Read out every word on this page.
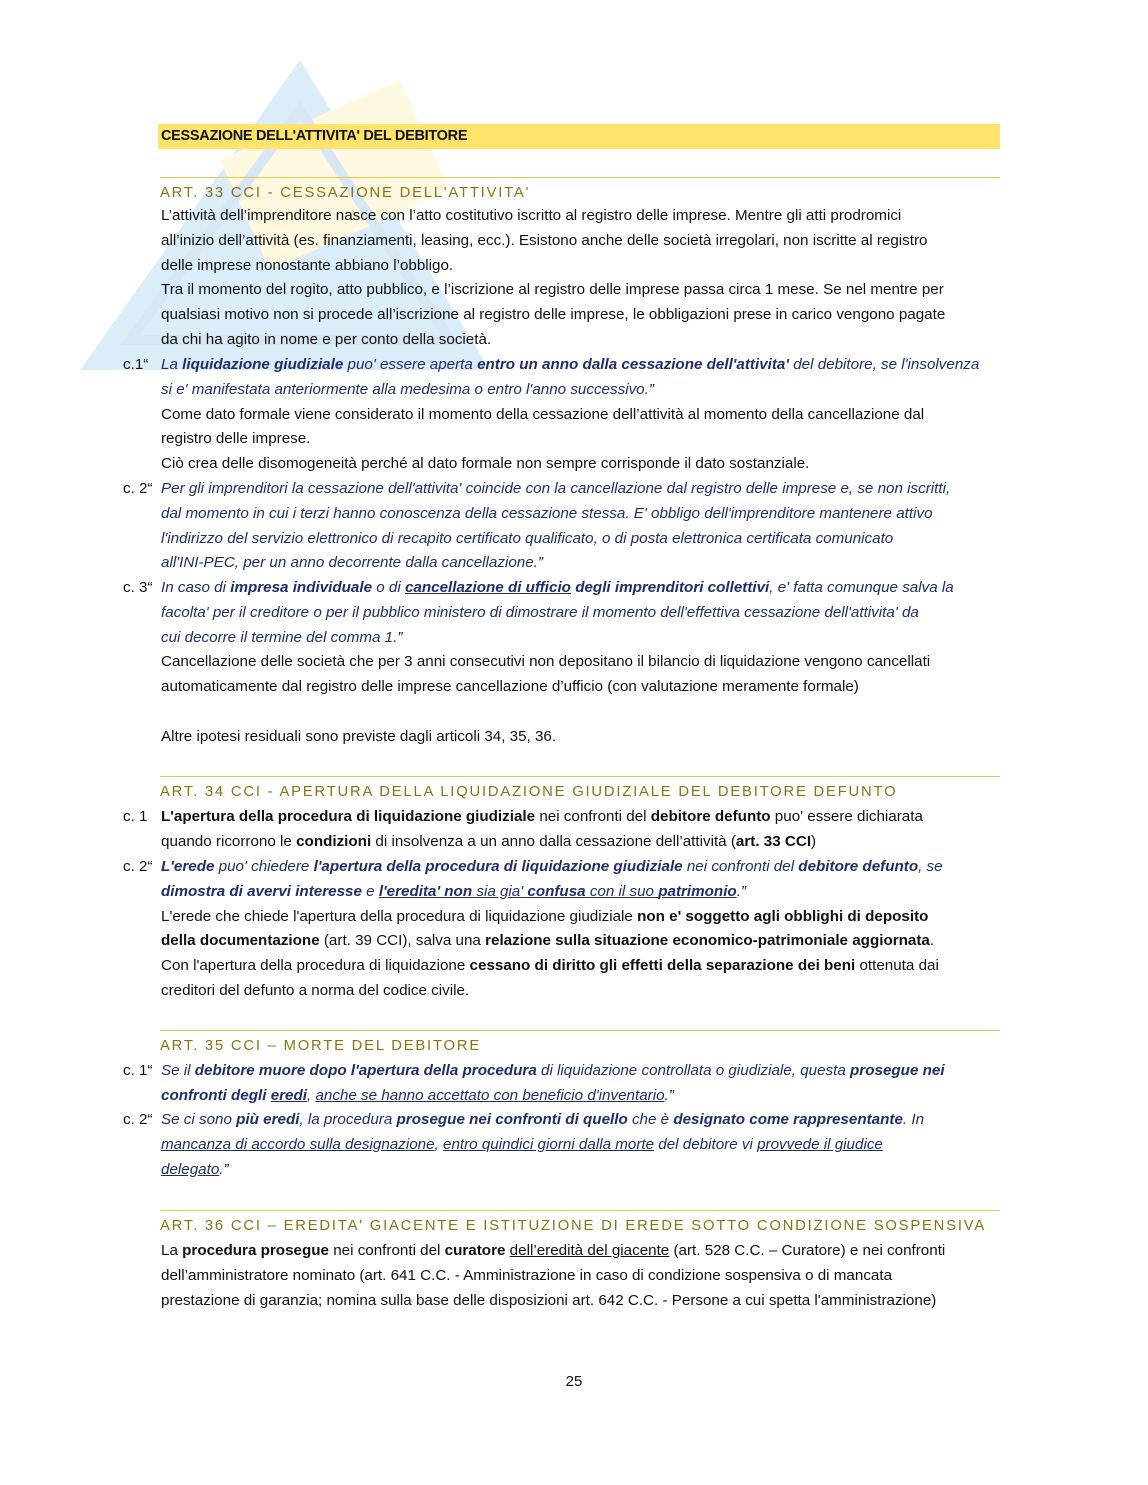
CESSAZIONE DELL'ATTIVITA' DEL DEBITORE
ART. 33 CCI - CESSAZIONE DELL'ATTIVITA'

L’attività dell’imprenditore nasce con l’atto costitutivo iscritto al registro delle imprese. Mentre gli atti prodromici

all’inizio dell’attività (es. finanziamenti, leasing, ecc.). Esistono anche delle società irregolari, non iscritte al registro

delle imprese nonostante abbiano l’obbligo.

Tra il momento del rogito, atto pubblico, e l’iscrizione al registro delle imprese passa circa 1 mese. Se nel mentre per

qualsiasi motivo non si procede all’iscrizione al registro delle imprese, le obbligazioni prese in carico vengono pagate

da chi ha agito in nome e per conto della società.

c.1“ La liquidazione giudiziale puo' essere aperta entro un anno dalla cessazione dell'attivita' del debitore, se l'insolvenza

si e' manifestata anteriormente alla medesima o entro l'anno successivo.”

Come dato formale viene considerato il momento della cessazione dell’attività al momento della cancellazione dal

registro delle imprese.

Ciò crea delle disomogeneità perché al dato formale non sempre corrisponde il dato sostanziale.

c. 2“ Per gli imprenditori la cessazione dell'attivita' coincide con la cancellazione dal registro delle imprese e, se non iscritti,

dal momento in cui i terzi hanno conoscenza della cessazione stessa. E' obbligo dell'imprenditore mantenere attivo

l'indirizzo del servizio elettronico di recapito certificato qualificato, o di posta elettronica certificata comunicato

all'INI-PEC, per un anno decorrente dalla cancellazione.”

c. 3“ In caso di impresa individuale o di cancellazione di ufficio degli imprenditori collettivi, e' fatta comunque salva la

facolta' per il creditore o per il pubblico ministero di dimostrare il momento dell'effettiva cessazione dell'attivita' da

cui decorre il termine del comma 1.”

Cancellazione delle società che per 3 anni consecutivi non depositano il bilancio di liquidazione vengono cancellati

automaticamente dal registro delle imprese cancellazione d’ufficio (con valutazione meramente formale)

Altre ipotesi residuali sono previste dagli articoli 34, 35, 36.

ART. 34 CCI - APERTURA DELLA LIQUIDAZIONE GIUDIZIALE DEL DEBITORE DEFUNTO
c. 1 L'apertura della procedura di liquidazione giudiziale nei confronti del debitore defunto puo' essere dichiarata

quando ricorrono le condizioni di insolvenza a un anno dalla cessazione dell’attività (art. 33 CCI)

c. 2“ L'erede puo' chiedere l'apertura della procedura di liquidazione giudiziale nei confronti del debitore defunto, se

dimostra di avervi interesse e l'eredita' non sia gia' confusa con il suo patrimonio.”

L'erede che chiede l'apertura della procedura di liquidazione giudiziale non e' soggetto agli obblighi di deposito

della documentazione (art. 39 CCI), salva una relazione sulla situazione economico-patrimoniale aggiornata.

Con l'apertura della procedura di liquidazione cessano di diritto gli effetti della separazione dei beni ottenuta dai

creditori del defunto a norma del codice civile.

ART. 35 CCI – MORTE DEL DEBITORE
c. 1“ Se il debitore muore dopo l'apertura della procedura di liquidazione controllata o giudiziale, questa prosegue nei

confronti degli eredi, anche se hanno accettato con beneficio d'inventario.”

c. 2“ Se ci sono più eredi, la procedura prosegue nei confronti di quello che è designato come rappresentante. In

mancanza di accordo sulla designazione, entro quindici giorni dalla morte del debitore vi provvede il giudice

delegato.”

ART. 36 CCI – EREDITA' GIACENTE E ISTITUZIONE DI EREDE SOTTO CONDIZIONE SOSPENSIVA

La procedura prosegue nei confronti del curatore dell’eredità del giacente (art. 528 C.C. – Curatore) e nei confronti

dell’amministratore nominato (art. 641 C.C. - Amministrazione in caso di condizione sospensiva o di mancata

prestazione di garanzia; nomina sulla base delle disposizioni art. 642 C.C. - Persone a cui spetta l'amministrazione)

25
